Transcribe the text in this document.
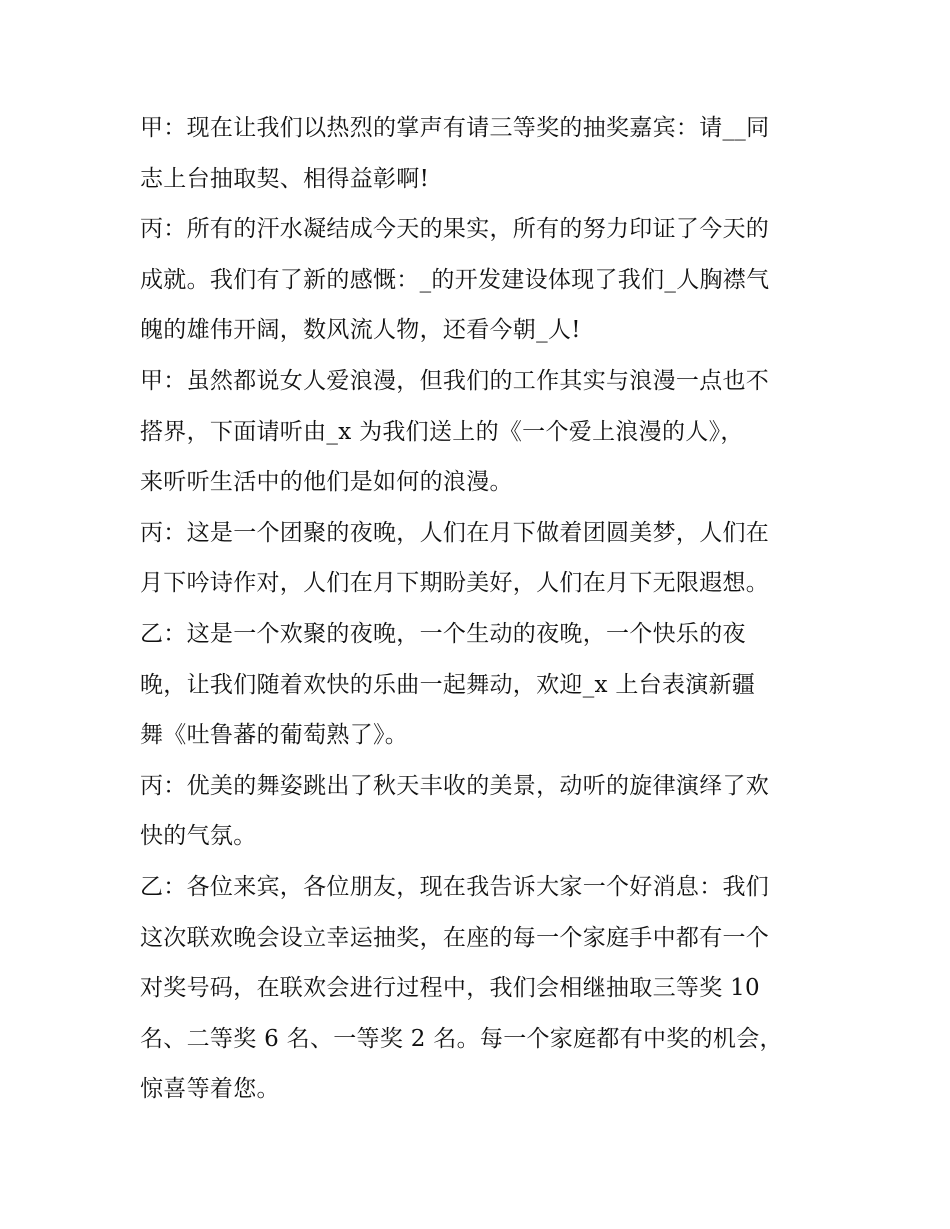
甲：现在让我们以热烈的掌声有请三等奖的抽奖嘉宾：请__同
志上台抽取契、相得益彰啊!
丙：所有的汗水凝结成今天的果实，所有的努力印证了今天的
成就。我们有了新的感慨：_的开发建设体现了我们_人胸襟气
魄的雄伟开阔，数风流人物，还看今朝_人!
甲：虽然都说女人爱浪漫，但我们的工作其实与浪漫一点也不
搭界，下面请听由_x 为我们送上的《一个爱上浪漫的人》，
来听听生活中的他们是如何的浪漫。
丙：这是一个团聚的夜晚，人们在月下做着团圆美梦，人们在
月下吟诗作对，人们在月下期盼美好，人们在月下无限遐想。
乙：这是一个欢聚的夜晚，一个生动的夜晚，一个快乐的夜
晚，让我们随着欢快的乐曲一起舞动，欢迎_x 上台表演新疆
舞《吐鲁蕃的葡萄熟了》。
丙：优美的舞姿跳出了秋天丰收的美景，动听的旋律演绎了欢
快的气氛。
乙：各位来宾，各位朋友，现在我告诉大家一个好消息：我们
这次联欢晚会设立幸运抽奖，在座的每一个家庭手中都有一个
对奖号码，在联欢会进行过程中，我们会相继抽取三等奖 10
名、二等奖 6 名、一等奖 2 名。每一个家庭都有中奖的机会，
惊喜等着您。
